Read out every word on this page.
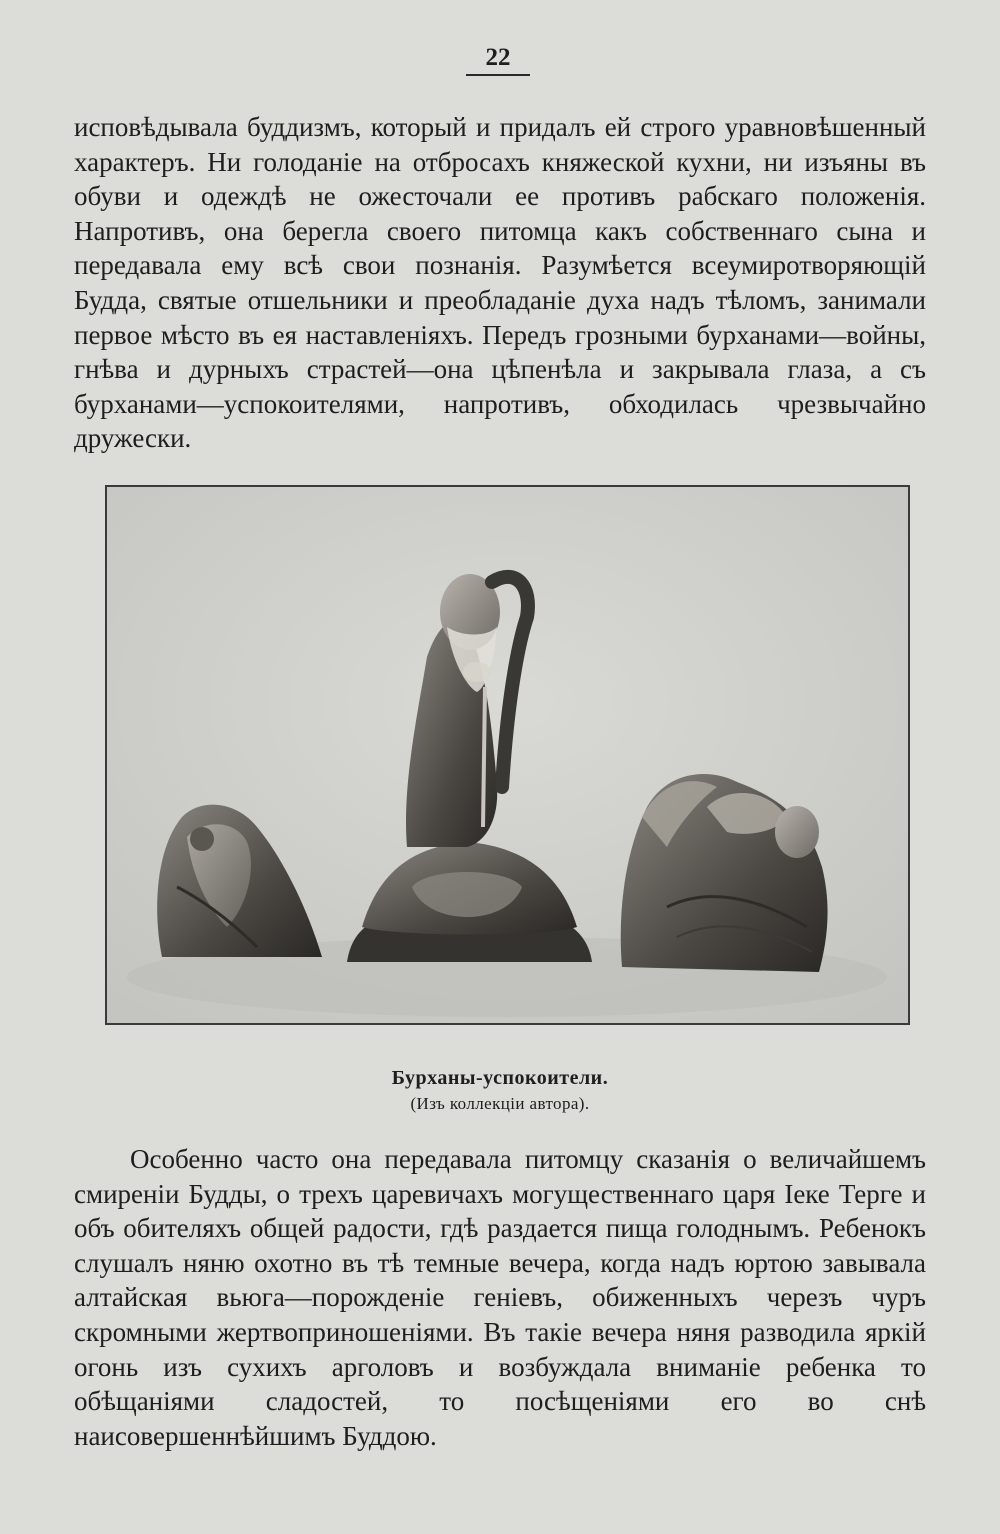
22

исповѣдывала буддизмъ, который и придалъ ей строго уравновѣшенный характеръ. Ни голоданіе на отбросахъ княжеской кухни, ни изъяны въ обуви и одеждѣ не ожесточали ее противъ рабскаго положенія. Напротивъ, она берегла своего питомца какъ собственнаго сына и передавала ему всѣ свои познанія. Разумѣется всеумиротворяющій Будда, святые отшельники и преобладаніе духа надъ тѣломъ, занимали первое мѣсто въ ея наставленіяхъ. Передъ грозными бурханами—войны, гнѣва и дурныхъ страстей—она цѣпенѣла и закрывала глаза, а съ бурханами—успокоителями, напротивъ, обходилась чрезвычайно дружески.

Бурханы-успокоители.
(Изъ коллекціи автора).

Особенно часто она передавала питомцу сказанія о величайшемъ смиреніи Будды, о трехъ царевичахъ могущественнаго царя Іеке Терге и объ обителяхъ общей радости, гдѣ раздается пища голоднымъ. Ребенокъ слушалъ няню охотно въ тѣ темные вечера, когда надъ юртою завывала алтайская вьюга—порожденіе геніевъ, обиженныхъ черезъ чуръ скромными жертвоприношеніями. Въ такіе вечера няня разводила яркій огонь изъ сухихъ арголовъ и возбуждала вниманіе ребенка то обѣщаніями сладостей, то посѣщеніями его во снѣ наисовершеннѣйшимъ Буддою.
